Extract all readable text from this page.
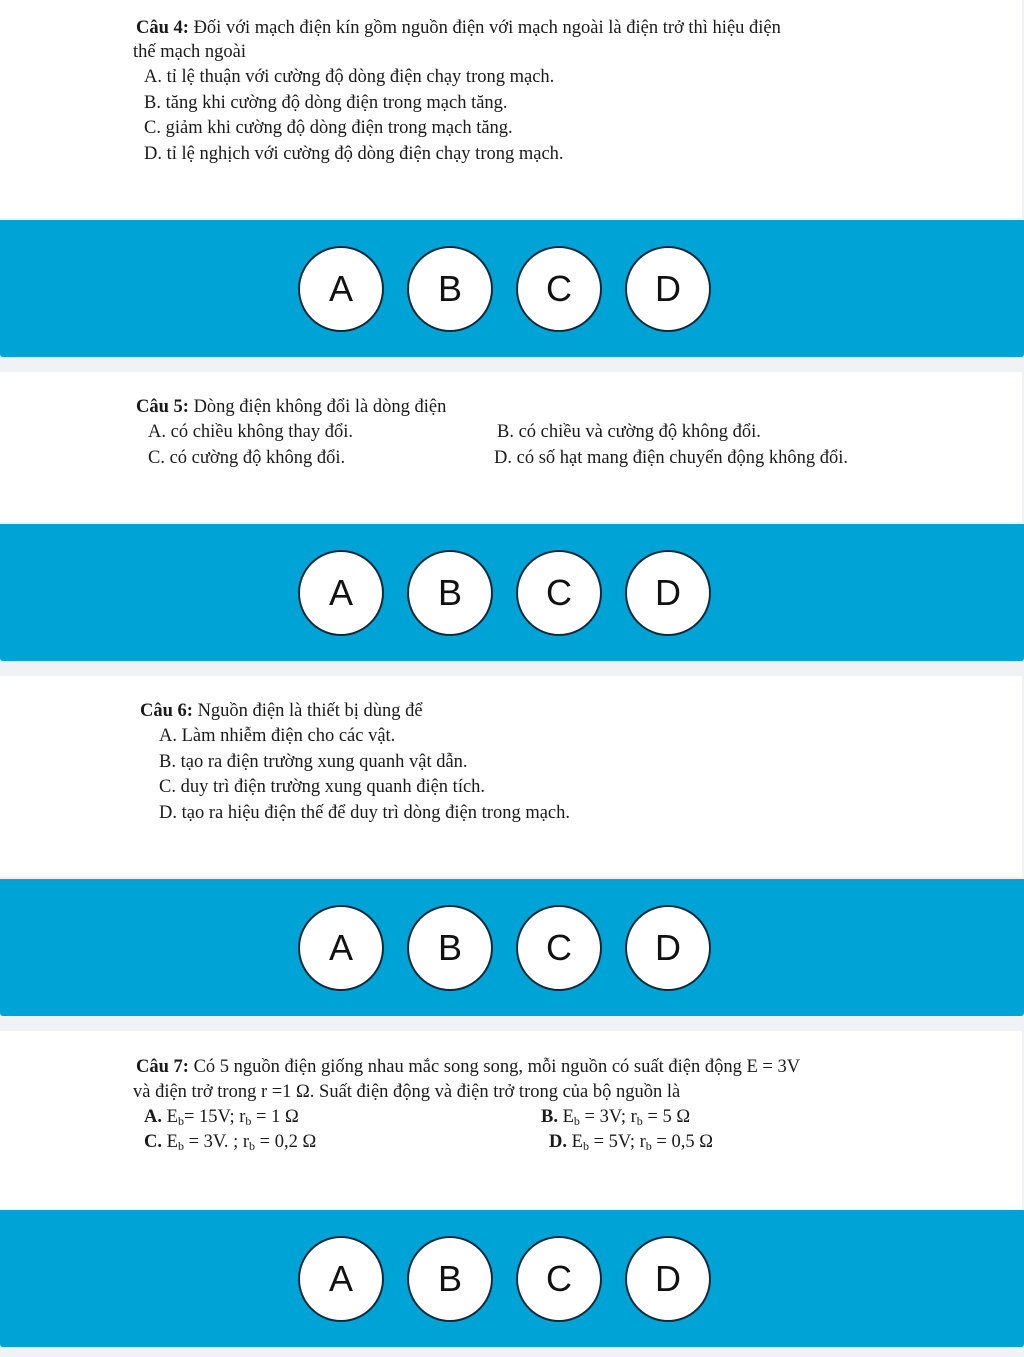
Câu 4: Đối với mạch điện kín gồm nguồn điện với mạch ngoài là điện trở thì hiệu điện
thế mạch ngoài
A. tỉ lệ thuận với cường độ dòng điện chạy trong mạch.
B. tăng khi cường độ dòng điện trong mạch tăng.
C. giảm khi cường độ dòng điện trong mạch tăng.
D. tỉ lệ nghịch với cường độ dòng điện chạy trong mạch.
A	B	C	D
Câu 5: Dòng điện không đổi là dòng điện
A. có chiều không thay đổi.	B. có chiều và cường độ không đổi.
C. có cường độ không đổi.	D. có số hạt mang điện chuyển động không đổi.
A	B	C	D
Câu 6: Nguồn điện là thiết bị dùng để
A. Làm nhiễm điện cho các vật.
B. tạo ra điện trường xung quanh vật dẫn.
C. duy trì điện trường xung quanh điện tích.
D. tạo ra hiệu điện thế để duy trì dòng điện trong mạch.
A	B	C	D
Câu 7: Có 5 nguồn điện giống nhau mắc song song, mỗi nguồn có suất điện động E = 3V
và điện trở trong r =1 Ω. Suất điện động và điện trở trong của bộ nguồn là
A. $E_b= 15V$; $r_b = 1$ Ω	B. $E_b = 3V$; $r_b = 5$ Ω
C. $E_b = 3V$. ; $r_b = 0,2$ Ω	D. $E_b = 5V$; $r_b = 0,5$ Ω
A	B	C	D
